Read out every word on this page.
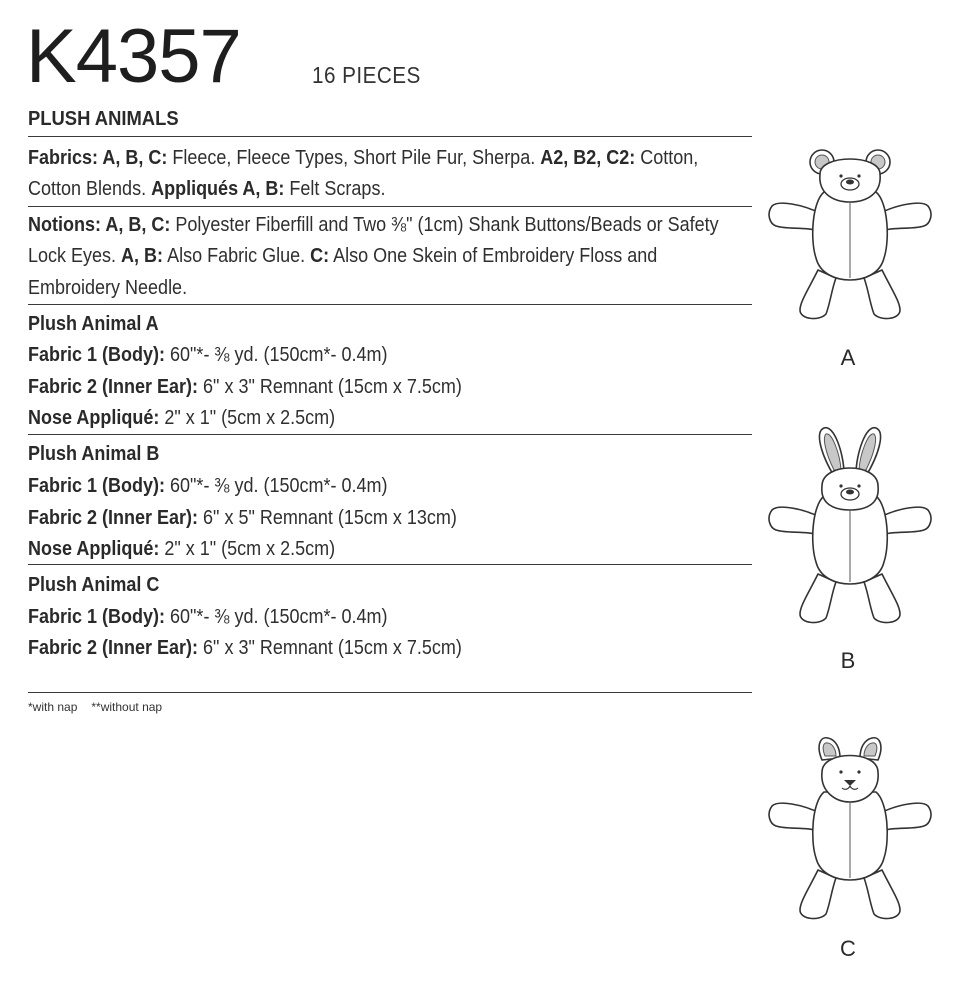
K4357	16 PIECES
PLUSH ANIMALS
Fabrics: A, B, C: Fleece, Fleece Types, Short Pile Fur, Sherpa. A2, B2, C2: Cotton,
Cotton Blends. Appliqués A, B: Felt Scraps.
Notions: A, B, C: Polyester Fiberfill and Two ⅜" (1cm) Shank Buttons/Beads or Safety
Lock Eyes. A, B: Also Fabric Glue. C: Also One Skein of Embroidery Floss and
Embroidery Needle.
Plush Animal A
Fabric 1 (Body): 60"*- ⅜ yd. (150cm*- 0.4m)
Fabric 2 (Inner Ear): 6" x 3" Remnant (15cm x 7.5cm)
Nose Appliqué: 2" x 1" (5cm x 2.5cm)
Plush Animal B
Fabric 1 (Body): 60"*- ⅜ yd. (150cm*- 0.4m)
Fabric 2 (Inner Ear): 6" x 5" Remnant (15cm x 13cm)
Nose Appliqué: 2" x 1" (5cm x 2.5cm)
Plush Animal C
Fabric 1 (Body): 60"*- ⅜ yd. (150cm*- 0.4m)
Fabric 2 (Inner Ear): 6" x 3" Remnant (15cm x 7.5cm)
*with nap **without nap
A
B
C
